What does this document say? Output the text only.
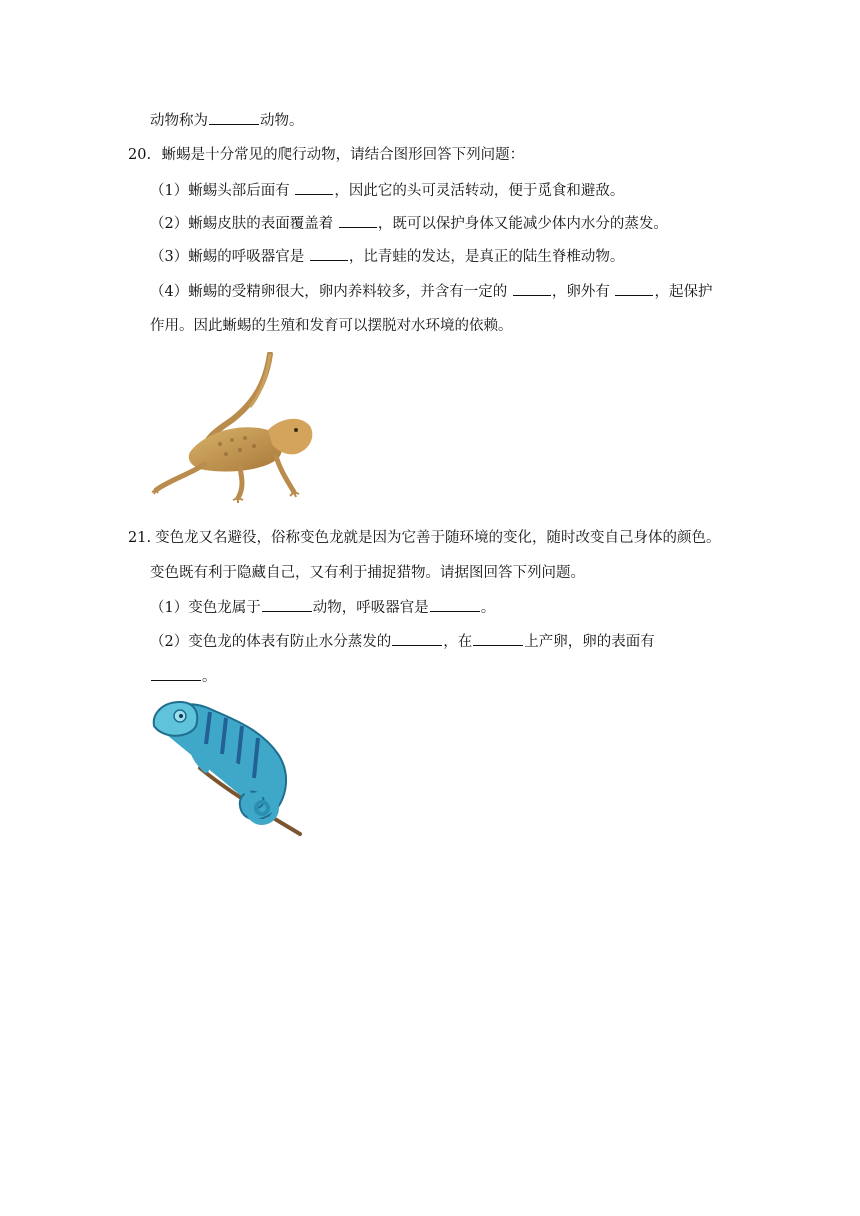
动物称为	动物。
20. 蜥蜴是十分常见的爬行动物，请结合图形回答下列问题：
（1）蜥蜴头部后面有	，因此它的头可灵活转动，便于觅食和避敌。
（2）蜥蜴皮肤的表面覆盖着	，既可以保护身体又能减少体内水分的蒸发。
（3）蜥蜴的呼吸器官是	，比青蛙的发达，是真正的陆生脊椎动物。
（4）蜥蜴的受精卵很大，卵内养料较多，并含有一定的	，卵外有	，起保护
作用。因此蜥蜴的生殖和发育可以摆脱对水环境的依赖。
21. 变色龙又名避役，俗称变色龙就是因为它善于随环境的变化，随时改变自己身体的颜色。
变色既有利于隐藏自己，又有利于捕捉猎物。请据图回答下列问题。
（1）变色龙属于	动物，呼吸器官是	。
（2）变色龙的体表有防止水分蒸发的	，在	上产卵，卵的表面有
。
